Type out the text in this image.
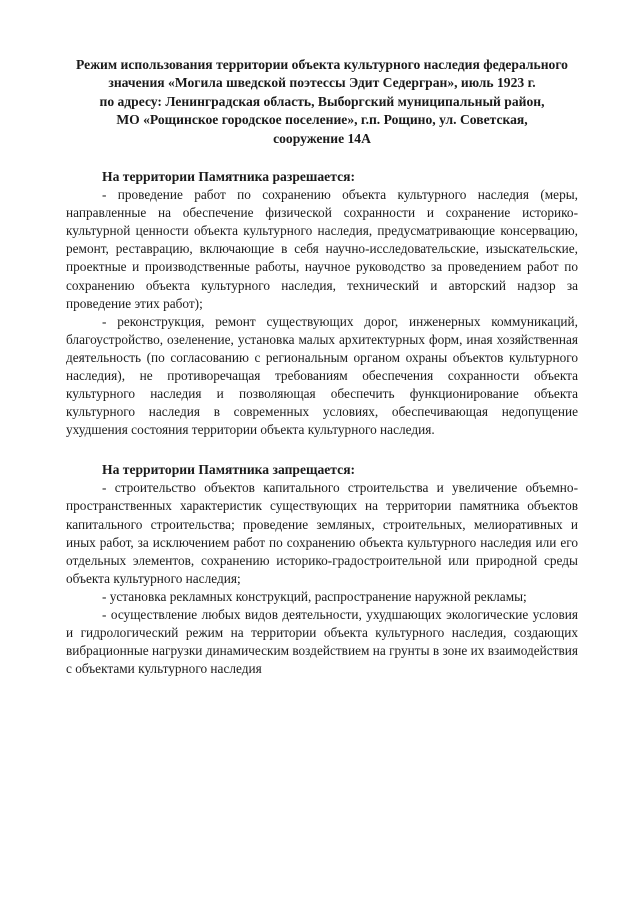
Режим использования территории объекта культурного наследия федерального
значения «Могила шведской поэтессы Эдит Седергран», июль 1923 г.
по адресу: Ленинградская область, Выборгский муниципальный район,
МО «Рощинское городское поселение», г.п. Рощино, ул. Советская,
сооружение 14А

На территории Памятника разрешается:

- проведение работ по сохранению объекта культурного наследия (меры, направленные на обеспечение физической сохранности и сохранение историко-культурной ценности объекта культурного наследия, предусматривающие консервацию, ремонт, реставрацию, включающие в себя научно-исследовательские, изыскательские, проектные и производственные работы, научное руководство за проведением работ по сохранению объекта культурного наследия, технический и авторский надзор за проведение этих работ);

- реконструкция, ремонт существующих дорог, инженерных коммуникаций, благоустройство, озеленение, установка малых архитектурных форм, иная хозяйственная деятельность (по согласованию с региональным органом охраны объектов культурного наследия), не противоречащая требованиям обеспечения сохранности объекта культурного наследия и позволяющая обеспечить функционирование объекта культурного наследия в современных условиях, обеспечивающая недопущение ухудшения состояния территории объекта культурного наследия.

На территории Памятника запрещается:

- строительство объектов капитального строительства и увеличение объемно-пространственных характеристик существующих на территории памятника объектов капитального строительства; проведение земляных, строительных, мелиоративных и иных работ, за исключением работ по сохранению объекта культурного наследия или его отдельных элементов, сохранению историко-градостроительной или природной среды объекта культурного наследия;

- установка рекламных конструкций, распространение наружной рекламы;

- осуществление любых видов деятельности, ухудшающих экологические условия и гидрологический режим на территории объекта культурного наследия, создающих вибрационные нагрузки динамическим воздействием на грунты в зоне их взаимодействия с объектами культурного наследия
